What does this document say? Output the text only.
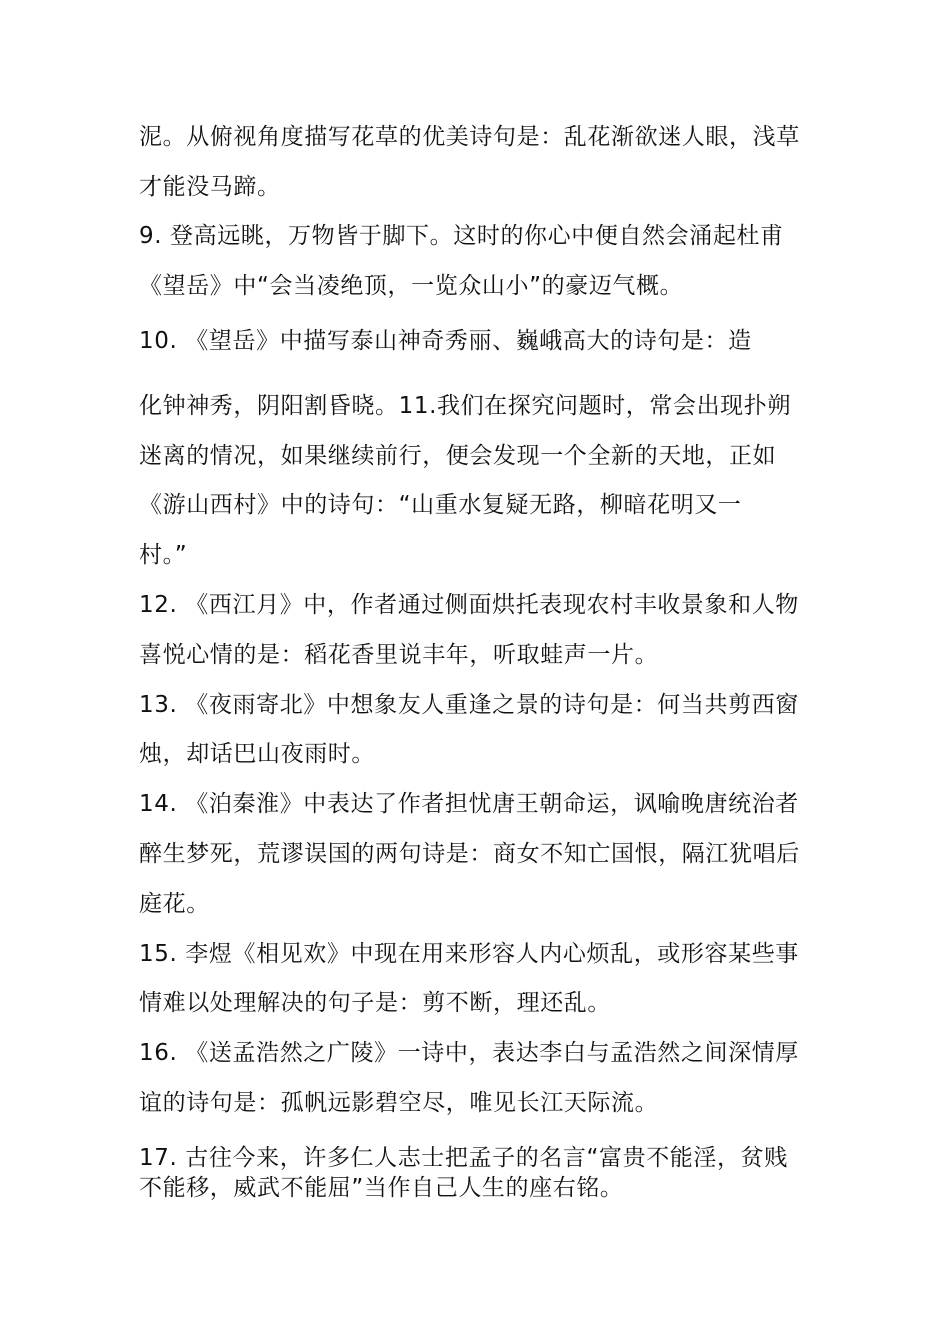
泥。从俯视角度描写花草的优美诗句是：乱花渐欲迷人眼，浅草
才能没马蹄。
9. 登高远眺，万物皆于脚下。这时的你心中便自然会涌起杜甫
《望岳》中“会当凌绝顶，一览众山小”的豪迈气概。
10. 《望岳》中描写泰山神奇秀丽、巍峨高大的诗句是：造
化钟神秀，阴阳割昏晓。11.我们在探究问题时，常会出现扑朔
迷离的情况，如果继续前行，便会发现一个全新的天地，正如
《游山西村》中的诗句：“山重水复疑无路，柳暗花明又一
村。”
12. 《西江月》中，作者通过侧面烘托表现农村丰收景象和人物
喜悦心情的是：稻花香里说丰年，听取蛙声一片。
13. 《夜雨寄北》中想象友人重逢之景的诗句是：何当共剪西窗
烛，却话巴山夜雨时。
14. 《泊秦淮》中表达了作者担忧唐王朝命运，讽喻晚唐统治者
醉生梦死，荒谬误国的两句诗是：商女不知亡国恨，隔江犹唱后
庭花。
15. 李煜《相见欢》中现在用来形容人内心烦乱，或形容某些事
情难以处理解决的句子是：剪不断，理还乱。
16. 《送孟浩然之广陵》一诗中，表达李白与孟浩然之间深情厚
谊的诗句是：孤帆远影碧空尽，唯见长江天际流。
17. 古往今来，许多仁人志士把孟子的名言“富贵不能淫，贫贱
不能移，威武不能屈”当作自己人生的座右铭。
